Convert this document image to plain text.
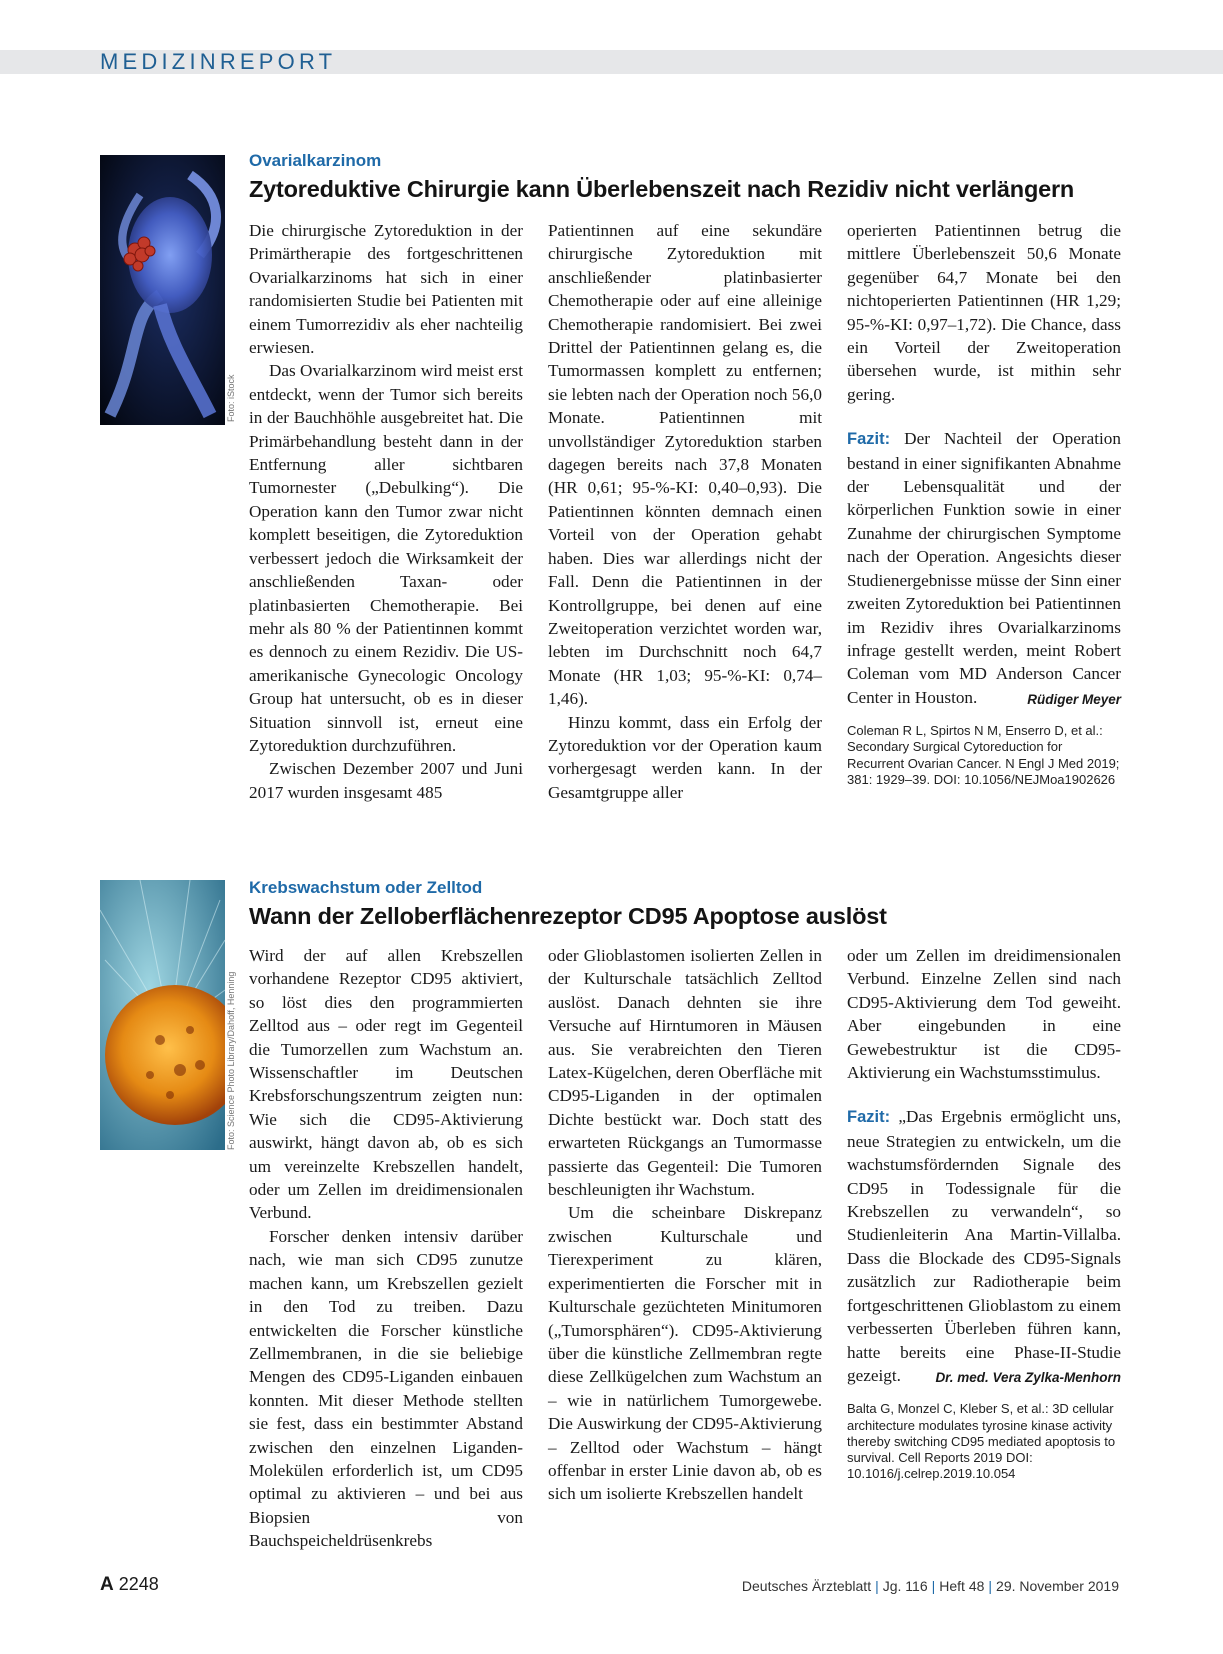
MEDIZINREPORT
Foto: iStock
Ovarialkarzinom
Zytoreduktive Chirurgie kann Überlebenszeit nach Rezidiv nicht verlängern

Die chirurgische Zytoreduktion in der Primärtherapie des fortgeschrittenen Ovarialkarzinoms hat sich in einer randomisierten Studie bei Patienten mit einem Tumorrezidiv als eher nachteilig erwiesen.

Das Ovarialkarzinom wird meist erst entdeckt, wenn der Tumor sich bereits in der Bauchhöhle ausgebreitet hat. Die Primärbehandlung besteht dann in der Entfernung aller sichtbaren Tumornester („Debulking“). Die Operation kann den Tumor zwar nicht komplett beseitigen, die Zytoreduktion verbessert jedoch die Wirksamkeit der anschließenden Taxan- oder platinbasierten Chemotherapie. Bei mehr als 80 % der Patientinnen kommt es dennoch zu einem Rezidiv. Die US-amerikanische Gynecologic Oncology Group hat untersucht, ob es in dieser Situation sinnvoll ist, erneut eine Zytoreduktion durchzuführen.

Zwischen Dezember 2007 und Juni 2017 wurden insgesamt 485

Patientinnen auf eine sekundäre chirurgische Zytoreduktion mit anschließender platinbasierter Chemotherapie oder auf eine alleinige Chemotherapie randomisiert. Bei zwei Drittel der Patientinnen gelang es, die Tumormassen komplett zu entfernen; sie lebten nach der Operation noch 56,0 Monate. Patientinnen mit unvollständiger Zytoreduktion starben dagegen bereits nach 37,8 Monaten (HR 0,61; 95-%-KI: 0,40–0,93). Die Patientinnen könnten demnach einen Vorteil von der Operation gehabt haben. Dies war allerdings nicht der Fall. Denn die Patientinnen in der Kontrollgruppe, bei denen auf eine Zweitoperation verzichtet worden war, lebten im Durchschnitt noch 64,7 Monate (HR 1,03; 95-%-KI: 0,74–1,46).

Hinzu kommt, dass ein Erfolg der Zytoreduktion vor der Operation kaum vorhergesagt werden kann. In der Gesamtgruppe aller

operierten Patientinnen betrug die mittlere Überlebenszeit 50,6 Monate gegenüber 64,7 Monate bei den nichtoperierten Patientinnen (HR 1,29; 95-%-KI: 0,97–1,72). Die Chance, dass ein Vorteil der Zweitoperation übersehen wurde, ist mithin sehr gering.

Fazit: Der Nachteil der Operation bestand in einer signifikanten Abnahme der Lebensqualität und der körperlichen Funktion sowie in einer Zunahme der chirurgischen Symptome nach der Operation. Angesichts dieser Studienergebnisse müsse der Sinn einer zweiten Zytoreduktion bei Patientinnen im Rezidiv ihres Ovarialkarzinoms infrage gestellt werden, meint Robert Coleman vom MD Anderson Cancer Center in Houston.	Rüdiger Meyer

Coleman R L, Spirtos N M, Enserro D, et al.: Secondary Surgical Cytoreduction for Recurrent Ovarian Cancer. N Engl J Med 2019; 381: 1929–39. DOI: 10.1056/NEJMoa1902626
Foto: Science Photo Library/Dahoff, Henning
Krebswachstum oder Zelltod
Wann der Zelloberflächenrezeptor CD95 Apoptose auslöst

Wird der auf allen Krebszellen vorhandene Rezeptor CD95 aktiviert, so löst dies den programmierten Zelltod aus – oder regt im Gegenteil die Tumorzellen zum Wachstum an. Wissenschaftler im Deutschen Krebsforschungszentrum zeigten nun: Wie sich die CD95-Aktivierung auswirkt, hängt davon ab, ob es sich um vereinzelte Krebszellen handelt, oder um Zellen im dreidimensionalen Verbund.

Forscher denken intensiv darüber nach, wie man sich CD95 zunutze machen kann, um Krebszellen gezielt in den Tod zu treiben. Dazu entwickelten die Forscher künstliche Zellmembranen, in die sie beliebige Mengen des CD95-Liganden einbauen konnten. Mit dieser Methode stellten sie fest, dass ein bestimmter Abstand zwischen den einzelnen Liganden-Molekülen erforderlich ist, um CD95 optimal zu aktivieren – und bei aus Biopsien von Bauchspeicheldrüsenkrebs

oder Glioblastomen isolierten Zellen in der Kulturschale tatsächlich Zelltod auslöst. Danach dehnten sie ihre Versuche auf Hirntumoren in Mäusen aus. Sie verabreichten den Tieren Latex-Kügelchen, deren Oberfläche mit CD95-Liganden in der optimalen Dichte bestückt war. Doch statt des erwarteten Rückgangs an Tumormasse passierte das Gegenteil: Die Tumoren beschleunigten ihr Wachstum.

Um die scheinbare Diskrepanz zwischen Kulturschale und Tierexperiment zu klären, experimentierten die Forscher mit in Kulturschale gezüchteten Minitumoren („Tumorsphären“). CD95-Aktivierung über die künstliche Zellmembran regte diese Zellkügelchen zum Wachstum an – wie in natürlichem Tumorgewebe. Die Auswirkung der CD95-Aktivierung – Zelltod oder Wachstum – hängt offenbar in erster Linie davon ab, ob es sich um isolierte Krebszellen handelt

oder um Zellen im dreidimensionalen Verbund. Einzelne Zellen sind nach CD95-Aktivierung dem Tod geweiht. Aber eingebunden in eine Gewebestruktur ist die CD95-Aktivierung ein Wachstumsstimulus.

Fazit: „Das Ergebnis ermöglicht uns, neue Strategien zu entwickeln, um die wachstumsfördernden Signale des CD95 in Todessignale für die Krebszellen zu verwandeln“, so Studienleiterin Ana Martin-Villalba. Dass die Blockade des CD95-Signals zusätzlich zur Radiotherapie beim fortgeschrittenen Glioblastom zu einem verbesserten Überleben führen kann, hatte bereits eine Phase-II-Studie gezeigt.	Dr. med. Vera Zylka-Menhorn

Balta G, Monzel C, Kleber S, et al.: 3D cellular architecture modulates tyrosine kinase activity thereby switching CD95 mediated apoptosis to survival. Cell Reports 2019 DOI: 10.1016/j.celrep.2019.10.054
A 2248	Deutsches Ärzteblatt | Jg. 116 | Heft 48 | 29. November 2019
